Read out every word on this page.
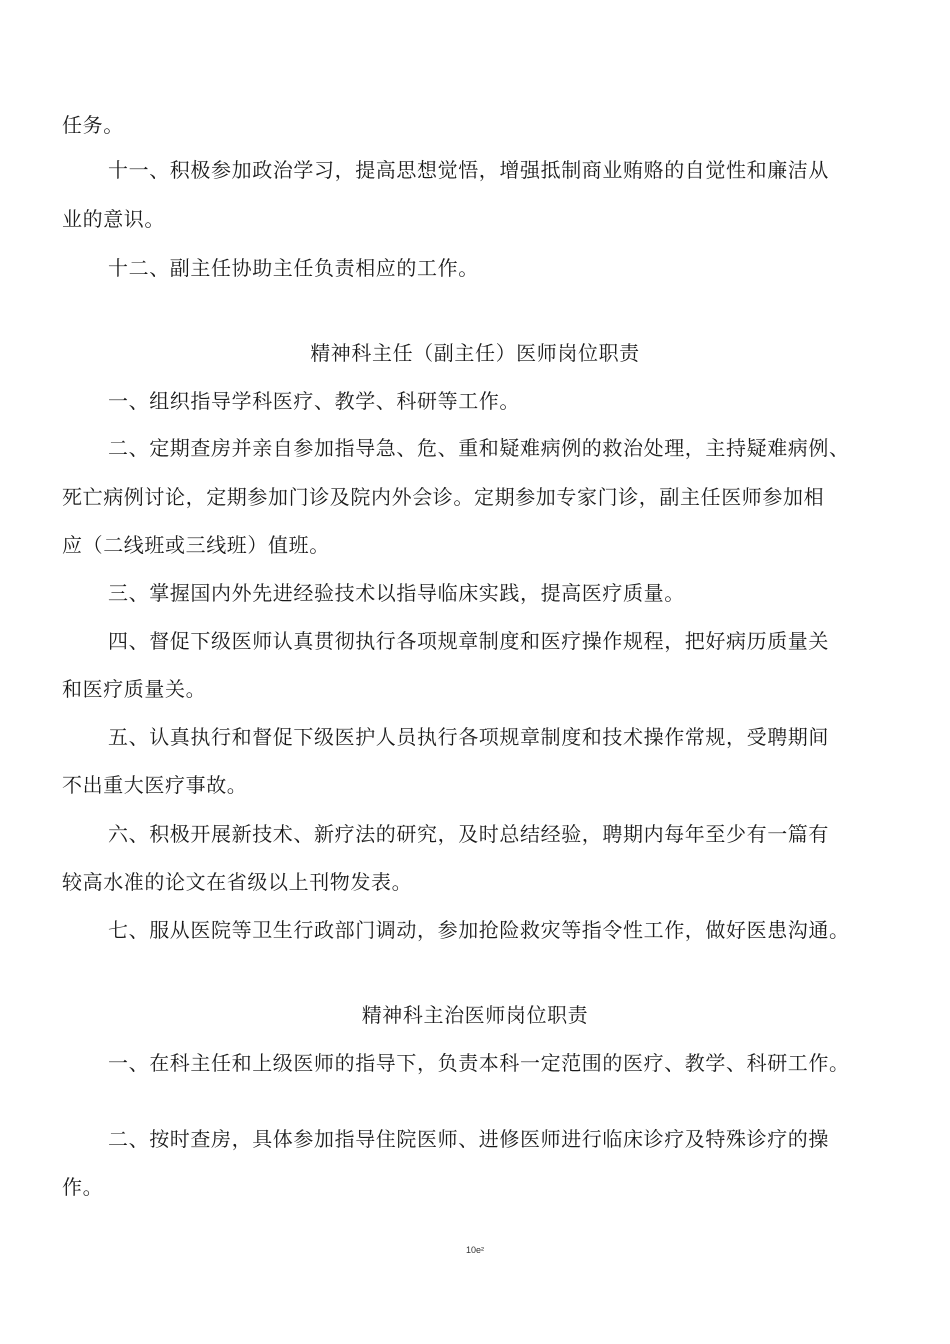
任务。
十一、积极参加政治学习，提高思想觉悟，增强抵制商业贿赂的自觉性和廉洁从
业的意识。
十二、副主任协助主任负责相应的工作。
精神科主任（副主任）医师岗位职责
一、组织指导学科医疗、教学、科研等工作。
二、定期查房并亲自参加指导急、危、重和疑难病例的救治处理，主持疑难病例、
死亡病例讨论，定期参加门诊及院内外会诊。定期参加专家门诊，副主任医师参加相
应（二线班或三线班）值班。
三、掌握国内外先进经验技术以指导临床实践，提高医疗质量。
四、督促下级医师认真贯彻执行各项规章制度和医疗操作规程，把好病历质量关
和医疗质量关。
五、认真执行和督促下级医护人员执行各项规章制度和技术操作常规，受聘期间
不出重大医疗事故。
六、积极开展新技术、新疗法的研究，及时总结经验，聘期内每年至少有一篇有
较高水准的论文在省级以上刊物发表。
七、服从医院等卫生行政部门调动，参加抢险救灾等指令性工作，做好医患沟通。
精神科主治医师岗位职责
一、在科主任和上级医师的指导下，负责本科一定范围的医疗、教学、科研工作。
二、按时查房，具体参加指导住院医师、进修医师进行临床诊疗及特殊诊疗的操
作。
10e²
